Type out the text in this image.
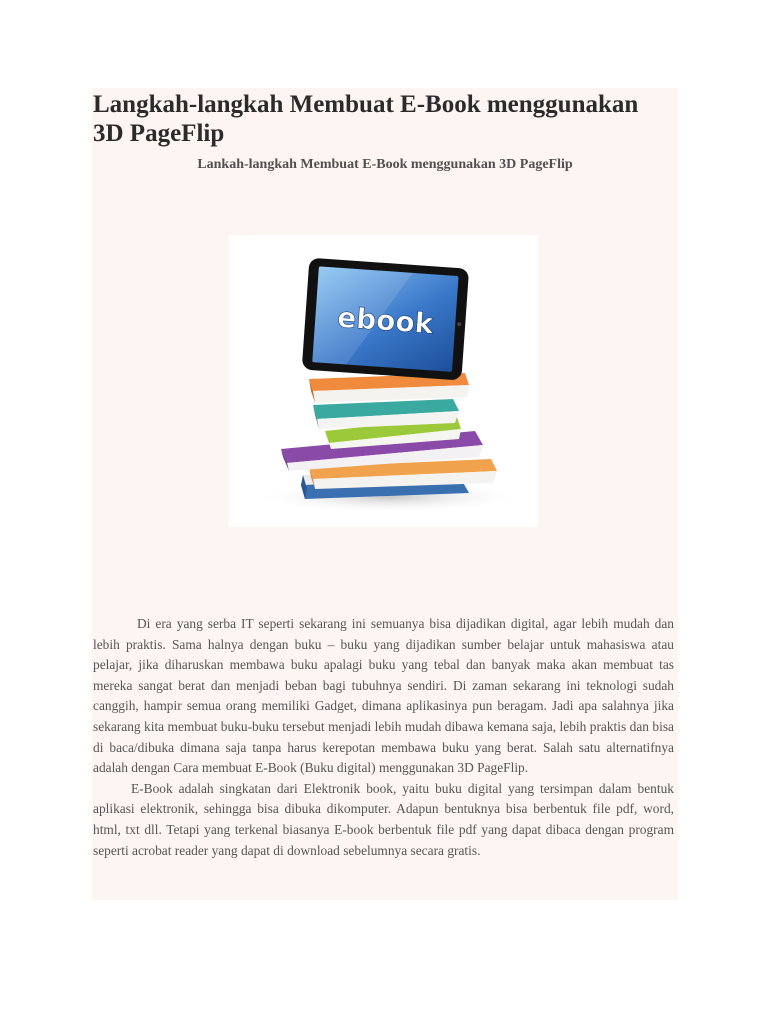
Langkah-langkah Membuat E-Book menggunakan 3D PageFlip
Lankah-langkah Membuat E-Book menggunakan 3D PageFlip
ebook

Di era yang serba IT seperti sekarang ini semuanya bisa dijadikan digital, agar lebih mudah dan lebih praktis. Sama halnya dengan buku – buku yang dijadikan sumber belajar untuk mahasiswa atau pelajar, jika diharuskan membawa buku apalagi buku yang tebal dan banyak maka akan membuat tas mereka sangat berat dan menjadi beban bagi tubuhnya sendiri. Di zaman sekarang ini teknologi sudah canggih, hampir semua orang memiliki Gadget, dimana aplikasinya pun beragam. Jadi apa salahnya jika sekarang kita membuat buku-buku tersebut menjadi lebih mudah dibawa kemana saja, lebih praktis dan bisa di baca/dibuka dimana saja tanpa harus kerepotan membawa buku yang berat. Salah satu alternatifnya adalah dengan Cara membuat E-Book (Buku digital) menggunakan 3D PageFlip.

E-Book adalah singkatan dari Elektronik book, yaitu buku digital yang tersimpan dalam bentuk aplikasi elektronik, sehingga bisa dibuka dikomputer. Adapun bentuknya bisa berbentuk file pdf, word, html, txt dll. Tetapi yang terkenal biasanya E-book berbentuk file pdf yang dapat dibaca dengan program seperti acrobat reader yang dapat di download sebelumnya secara gratis.
